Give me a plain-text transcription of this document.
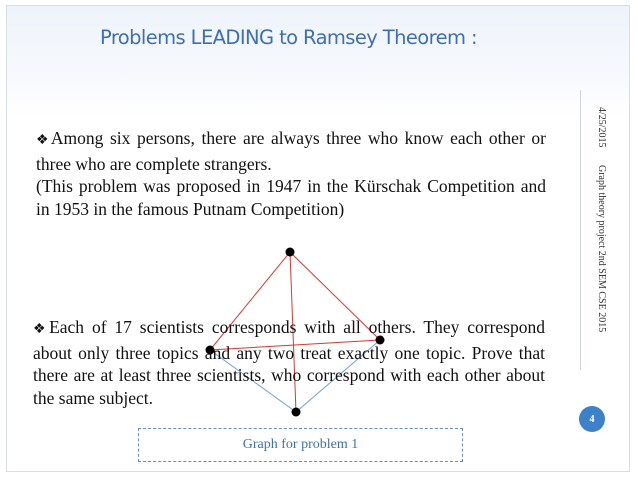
Problems LEADING to Ramsey Theorem :
4/25/2015
Graph theory project 2nd SEM CSE 2015
❖Among six persons, there are always three who know each other or three who are complete strangers.
(This problem was proposed in 1947 in the Kürschak Competition and in 1953 in the famous Putnam Competition)
❖Each of 17 scientists corresponds with all others. They correspond about only three topics and any two treat exactly one topic. Prove that there are at least three scientists, who correspond with each other about the same subject.
4
Graph for problem 1
